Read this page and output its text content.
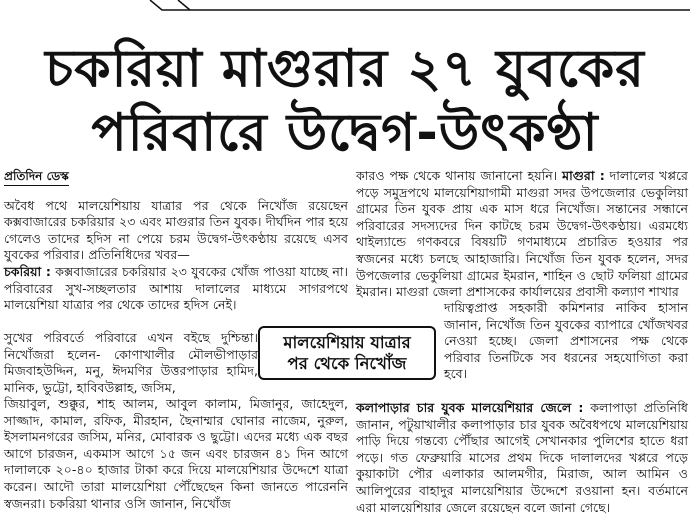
চকরিয়া মাগুরার ২৭ যুবকের
পরিবারে উদ্বেগ-উৎকণ্ঠা
প্রতিদিন ডেস্ক

অবৈধ পথে মালয়েশিয়ায় যাত্রার পর থেকে নিখোঁজ রয়েছেন কক্সবাজারের চকরিয়ার ২৩ এবং মাগুরার তিন যুবক। দীর্ঘদিন পার হয়ে গেলেও তাদের হদিস না পেয়ে চরম উদ্বেগ-উৎকণ্ঠায় রয়েছে এসব যুবকের পরিবার। প্রতিনিধিদের খবর—

চকরিয়া : কক্সবাজারের চকরিয়ার ২৩ যুবকের খোঁজ পাওয়া যাচ্ছে না। পরিবারের সুখ-সচ্ছলতার আশায় দালালের মাধ্যমে সাগরপথে মালয়েশিয়া যাত্রার পর থেকে তাদের হদিস নেই।

সুখের পরিবর্তে পরিবারে এখন বইছে দুশ্চিন্তা। নিখোঁজরা হলেন- কোণাখালীর মৌলভীপাড়ার মিজবাহউদ্দিন, মনু, ঈদমণির উত্তরপাড়ার হামিদ, মানিক, ভুট্টো, হাবিবউল্লাহ, জসিম,

জিয়াবুল, শুক্কুর, শাহ আলম, আবুল কালাম, মিজানুর, জাহেদুল, সাজ্জাদ, কামাল, রফিক, মীরহান, ছৈনাম্মার ঘোনার নাজেম, নুরুল, ইসলামনগরের জসিম, মনির, মোবারক ও ছুট্টো। এদের মধ্যে এক বছর আগে চারজন, একমাস আগে ১৫ জন এবং চারজন ৪১ দিন আগে দালালকে ২০-৪০ হাজার টাকা করে দিয়ে মালয়েশিয়ার উদ্দেশে যাত্রা করেন। আদৌ তারা মালয়েশিয়া পৌঁছেছেন কিনা জানতে পারেননি স্বজনরা। চকরিয়া থানার ওসি জানান, নিখোঁজ

কারও পক্ষ থেকে থানায় জানানো হয়নি। মাগুরা : দালালের খপ্পরে পড়ে সমুদ্রপথে মালয়েশিয়াগামী মাগুরা সদর উপজেলার ভেকুলিয়া গ্রামের তিন যুবক প্রায় এক মাস ধরে নিখোঁজ। সন্তানের সন্ধানে পরিবারের সদস্যদের দিন কাটছে চরম উদ্বেগ-উৎকণ্ঠায়। এরমধ্যে থাইল্যান্ডে গণকবরে বিষয়টি গণমাধ্যমে প্রচারিত হওয়ার পর স্বজনের মধ্যে চলছে আহাজারি। নিখোঁজ তিন যুবক হলেন, সদর উপজেলার ভেকুলিয়া গ্রামের ইমরান, শাহিন ও ছোট ফলিয়া গ্রামের ইমরান। মাগুরা জেলা প্রশাসকের কার্যালয়ের প্রবাসী কল্যাণ শাখার

দায়িত্বপ্রাপ্ত সহকারী কমিশনার নাকিব হাসান জানান, নিখোঁজ তিন যুবকের ব্যাপারে খোঁজখবর নেওয়া হচ্ছে। জেলা প্রশাসনের পক্ষ থেকে পরিবার তিনটিকে সব ধরনের সহযোগিতা করা হবে।

কলাপাড়ার চার যুবক মালয়েশিয়ার জেলে : কলাপাড়া প্রতিনিধি জানান, পটুয়াখালীর কলাপাড়ার চার যুবক অবৈধপথে মালয়েশিয়ায় পাড়ি দিয়ে গন্তব্যে পৌঁছার আগেই সেখানকার পুলিশের হাতে ধরা পড়ে। গত ফেব্রুয়ারি মাসের প্রথম দিকে দালালদের খপ্পরে পড়ে কুয়াকাটা পৌর এলাকার আলমগীর, মিরাজ, আল আমিন ও আলিপুরের বাহাদুর মালয়েশিয়ার উদ্দেশে রওয়ানা হন। বর্তমানে এরা মালয়েশিয়ার জেলে রয়েছেন বলে জানা গেছে।

মালয়েশিয়ায় যাত্রার
পর থেকে নিখোঁজ
